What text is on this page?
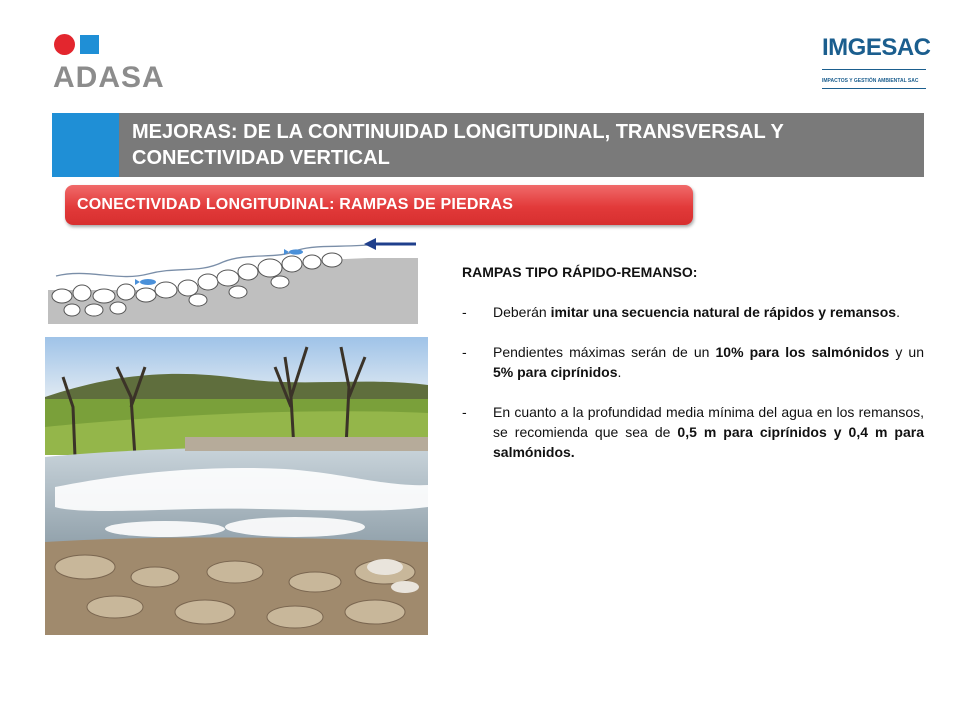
ADASA
IMGESAC
IMPACTOS Y GESTIÓN AMBIENTAL SAC
MEJORAS: DE LA CONTINUIDAD LONGITUDINAL, TRANSVERSAL Y CONECTIVIDAD VERTICAL
CONECTIVIDAD LONGITUDINAL: RAMPAS DE PIEDRAS

RAMPAS TIPO RÁPIDO-REMANSO:

- Deberán imitar una secuencia natural de rápidos y remansos.
- Pendientes máximas serán de un 10% para los salmónidos y un 5% para ciprínidos.
- En cuanto a la profundidad media mínima del agua en los remansos, se recomienda que sea de 0,5 m para ciprínidos y 0,4 m para salmónidos.
